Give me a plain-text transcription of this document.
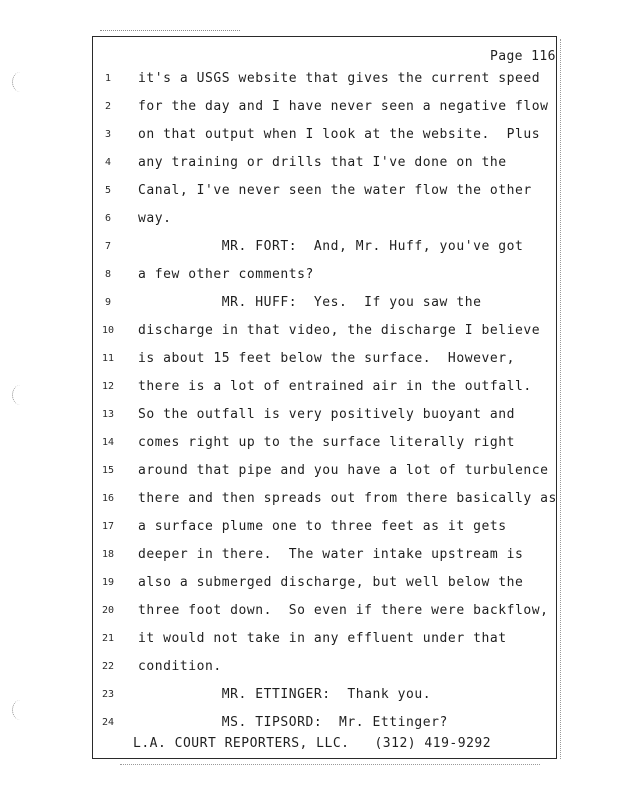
Page 116
1	it's a USGS website that gives the current speed
2	for the day and I have never seen a negative flow
3	on that output when I look at the website.  Plus
4	any training or drills that I've done on the
5	Canal, I've never seen the water flow the other
6	way.
7	MR. FORT:  And, Mr. Huff, you've got
8	a few other comments?
9	MR. HUFF:  Yes.  If you saw the
10	discharge in that video, the discharge I believe
11	is about 15 feet below the surface.  However,
12	there is a lot of entrained air in the outfall.
13	So the outfall is very positively buoyant and
14	comes right up to the surface literally right
15	around that pipe and you have a lot of turbulence
16	there and then spreads out from there basically as
17	a surface plume one to three feet as it gets
18	deeper in there.  The water intake upstream is
19	also a submerged discharge, but well below the
20	three foot down.  So even if there were backflow,
21	it would not take in any effluent under that
22	condition.
23	MR. ETTINGER:  Thank you.
24	MS. TIPSORD:  Mr. Ettinger?
L.A. COURT REPORTERS, LLC.   (312) 419-9292
